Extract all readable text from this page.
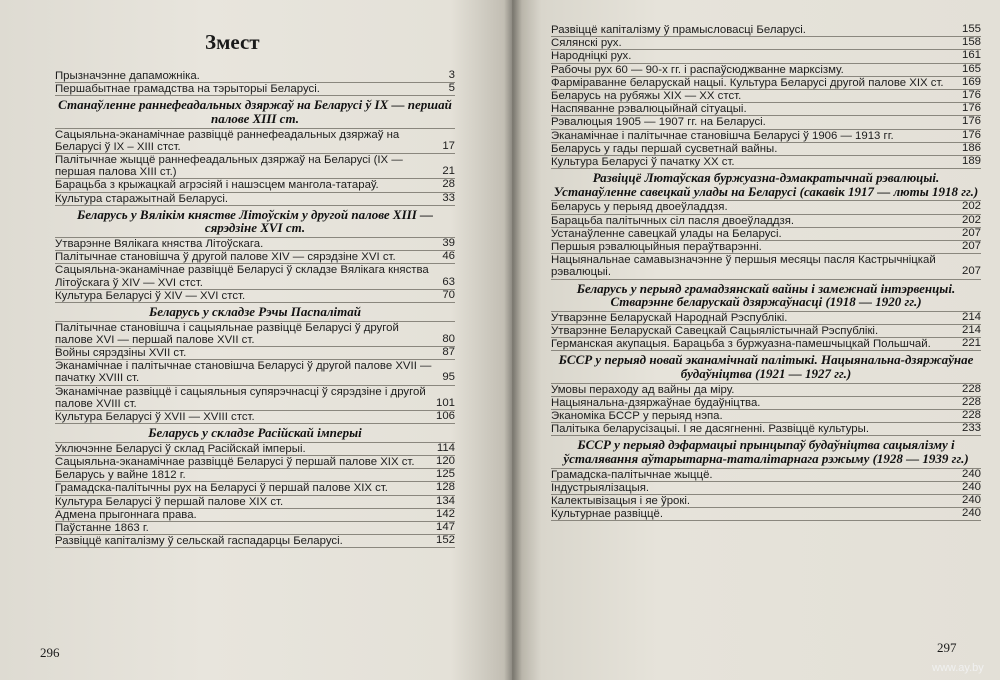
Змест
Прызначэнне дапаможніка.	3
Першабытнае грамадства на тэрыторыі Беларусі.	5
Станаўленне раннефеадальных дзяржаў на Беларусі ў IX — першай палове XIII ст.
Сацыяльна-эканамічнае развіццё раннефеадальных дзяржаў на Беларусі ў IX – XIII стст.	17
Палітычнае жыццё раннефеадальных дзяржаў на Беларусі (IX — першая палова XIII ст.)	21
Барацьба з крыжацкай агрэсіяй і нашэсцем мангола-татараў.	28
Культура старажытнай Беларусі.	33
Беларусь у Вялікім княстве Літоўскім у другой палове XIII — сярэдзіне XVI ст.
Утварэнне Вялікага княства Літоўскага.	39
Палітычнае становішча ў другой палове XIV — сярэдзіне XVI ст.	46
Сацыяльна-эканамічнае развіццё Беларусі ў складзе Вялікага княства Літоўскага ў XIV — XVI стст.	63
Культура Беларусі ў XIV — XVI стст.	70
Беларусь у складзе Рэчы Паспалітай
Палітычнае становішча і сацыяльнае развіццё Беларусі ў другой палове XVI — першай палове XVII ст.	80
Войны сярэдзіны XVII ст.	87
Эканамічнае і палітычнае становішча Беларусі ў другой палове XVII — пачатку XVIII ст.	95
Эканамічнае развіццё і сацыяльныя супярэчнасці ў сярэдзіне і другой палове XVIII ст.	101
Культура Беларусі ў XVII — XVIII стст.	106
Беларусь у складзе Расійскай імперыі
Уключэнне Беларусі ў склад Расійскай імперыі.	114
Сацыяльна-эканамічнае развіццё Беларусі ў першай палове XIX ст.	120
Беларусь у вайне 1812 г.	125
Грамадска-палітычны рух на Беларусі ў першай палове XIX ст.	128
Культура Беларусі ў першай палове XIX ст.	134
Адмена прыгоннага права.	142
Паўстанне 1863 г.	147
Развіццё капіталізму ў сельскай гаспадарцы Беларусі.	152
296
Развіццё капіталізму ў прамысловасці Беларусі.	155
Сялянскі рух.	158
Народніцкі рух.	161
Рабочы рух 60 — 90-х гг. і распаўсюджванне марксізму.	165
Фарміраванне беларускай нацыі. Культура Беларусі другой палове XIX ст.	169
Беларусь на рубяжы XIX — XX стст.	176
Наспяванне рэвалюцыйнай сітуацыі.	176
Рэвалюцыя 1905 — 1907 гг. на Беларусі.	176
Эканамічнае і палітычнае становішча Беларусі ў 1906 — 1913 гг.	176
Беларусь у гады першай сусветнай вайны.	186
Культура Беларусі ў пачатку XX ст.	189
Развіццё Лютаўская буржуазна-дэмакратычнай рэвалюцыі. Устанаўленне савецкай улады на Беларусі (сакавік 1917 — люты 1918 гг.)
Беларусь у перыяд двоеўладдзя.	202
Барацьба палітычных сіл пасля двоеўладдзя.	202
Устанаўленне савецкай улады на Беларусі.	207
Першыя рэвалюцыйныя пераўтварэнні.	207
Нацыянальнае самавызначэнне ў першыя месяцы пасля Кастрычніцкай рэвалюцыі.	207
Беларусь у перыяд грамадзянскай вайны і замежнай інтэрвенцыі. Стварэнне беларускай дзяржаўнасці (1918 — 1920 гг.)
Утварэнне Беларускай Народнай Рэспублікі.	214
Утварэнне Беларускай Савецкай Сацыялістычнай Рэспублікі.	214
Германская акупацыя. Барацьба з буржуазна-памешчыцкай Польшчай.	221
БССР у перыяд новай эканамічнай палітыкі. Нацыянальна-дзяржаўнае будаўніцтва (1921 — 1927 гг.)
Умовы пераходу ад вайны да міру.	228
Нацыянальна-дзяржаўнае будаўніцтва.	228
Эканоміка БССР у перыяд нэпа.	228
Палітыка беларусізацыі. І яе дасягненні. Развіццё культуры.	233
БССР у перыяд дэфармацыі прынцыпаў будаўніцтва сацыялізму і ўсталявання аўтарытарна-таталітарнага рэжыму (1928 — 1939 гг.)
Грамадска-палітычнае жыццё.	240
Індустрыялізацыя.	240
Калектывізацыя і яе ўрокі.	240
Культурнае развіццё.	240
297
www.ay.by
